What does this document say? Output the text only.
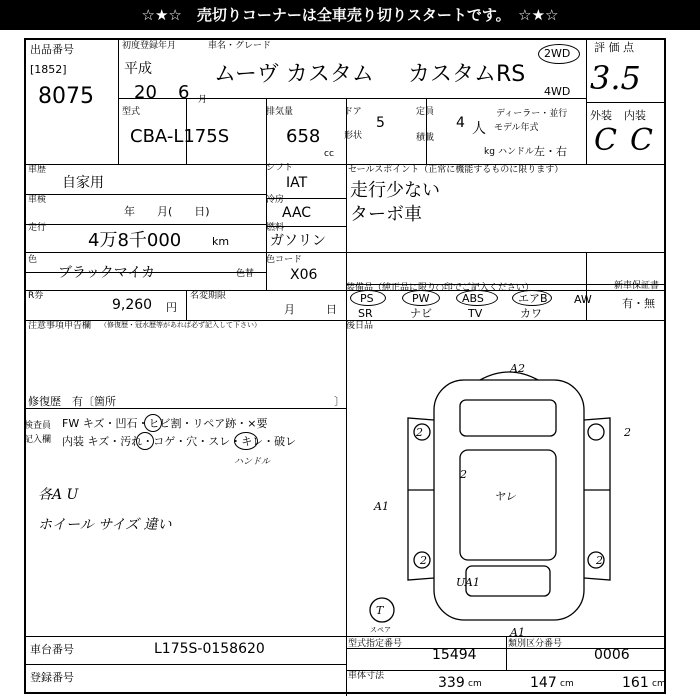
☆★☆　売切りコーナーは全車売り切りスタートです。　☆★☆
出品番号
[1852]
8075
初度登録年月
平成
20 6 月
車名・グレード
ムーヴ カスタム カスタムRS
2WD
4WD
評 価 点
3.5
外装 内装
C C
型式
CBA-L175S
排気量
658
cc
ドア
5
形状
定員
4 人
積載
ディーラー・並行
モデル年式
kg ハンドル 左・右
車歴
自家用
車検
年　　月(　　日)
走行
4万8千000	km
シフト
IAT
冷房
AAC
燃料
ガソリン
セールスポイント（正常に機能するものに限ります）
走行少ない
ターボ車
色
ブラックマイカ	色替
色コード
X06
装備品（純正品に限り○印でご記入ください）
PS
SR
PW
ナビ
ABS
TV
エアB
カワ
AW
新車保証書
有・無
R券
9,260 円
名変期限
月	日
注意事項申告欄 （修復歴・冠水歴等があれば必ず記入して下さい）	後日品
修復歴　有〔箇所	〕
検査員
記入欄
FW キズ・凹石・ヒビ割・リペア跡・×要
内装 キズ・汚れ・コゲ・穴・スレ・キレ・破レ
ハンドル
各A U
ホイール サイズ 違い
A2
2	2
A1
2	2
2
ヤレ
UA1
T
A1
スペア
車台番号	L175S-0158620
登録番号
型式指定番号
15494
類別区分番号
0006
車体寸法	339 cm	147 cm	161 cm
